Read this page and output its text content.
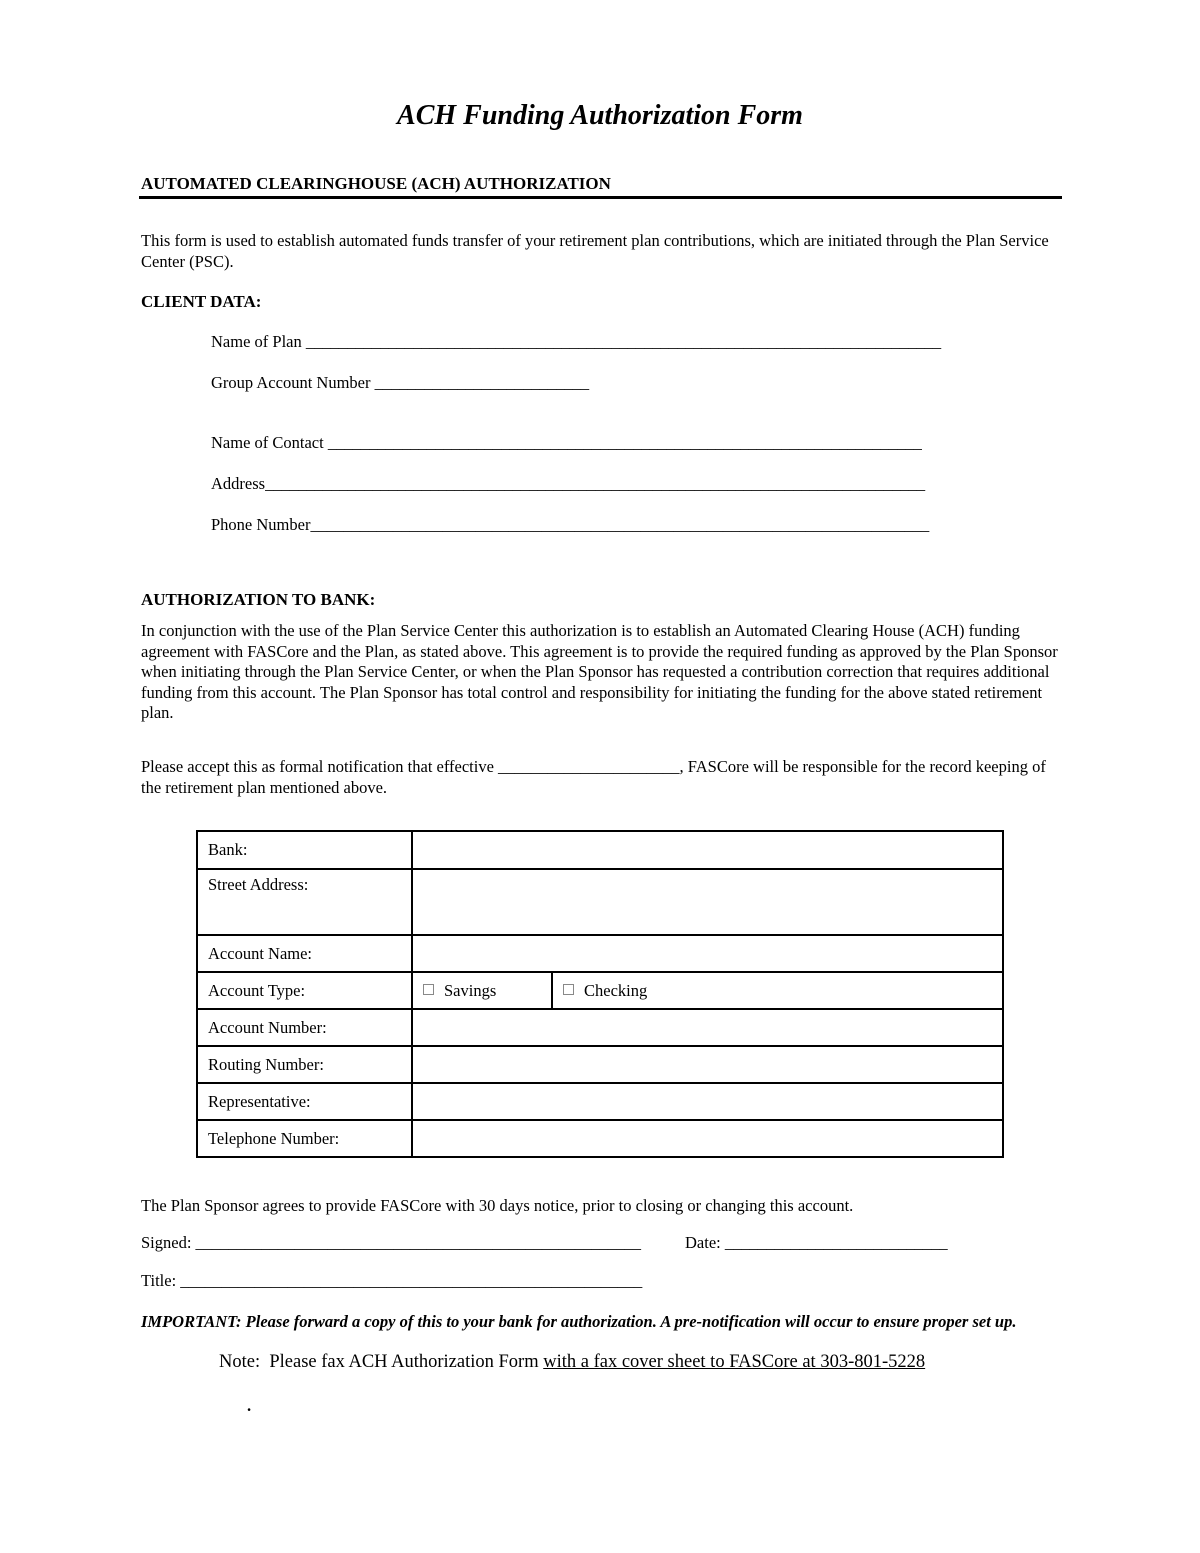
ACH Funding Authorization Form
AUTOMATED CLEARINGHOUSE (ACH) AUTHORIZATION
This form is used to establish automated funds transfer of your retirement plan contributions, which are initiated through the Plan Service Center (PSC).
CLIENT DATA:
Name of Plan _____________________________________________________________________________
Group Account Number __________________________
Name of Contact ________________________________________________________________________
Address________________________________________________________________________________
Phone Number___________________________________________________________________________
AUTHORIZATION TO BANK:
In conjunction with the use of the Plan Service Center this authorization is to establish an Automated Clearing House (ACH) funding agreement with FASCore and the Plan, as stated above. This agreement is to provide the required funding as approved by the Plan Sponsor when initiating through the Plan Service Center, or when the Plan Sponsor has requested a contribution correction that requires additional funding from this account. The Plan Sponsor has total control and responsibility for initiating the funding for the above stated retirement plan.
Please accept this as formal notification that effective ______________________, FASCore will be responsible for the record keeping of the retirement plan mentioned above.
Bank:		
Street Address:		
Account Name:		
Account Type:	Savings	Checking
Account Number:		
Routing Number:		
Representative:		
Telephone Number:		
The Plan Sponsor agrees to provide FASCore with 30 days notice, prior to closing or changing this account.
Signed: ______________________________________________________	Date: ___________________________
Title: ________________________________________________________
IMPORTANT: Please forward a copy of this to your bank for authorization. A pre-notification will occur to ensure proper set up.
Note:  Please fax ACH Authorization Form with a fax cover sheet to FASCore at 303-801-5228
.
